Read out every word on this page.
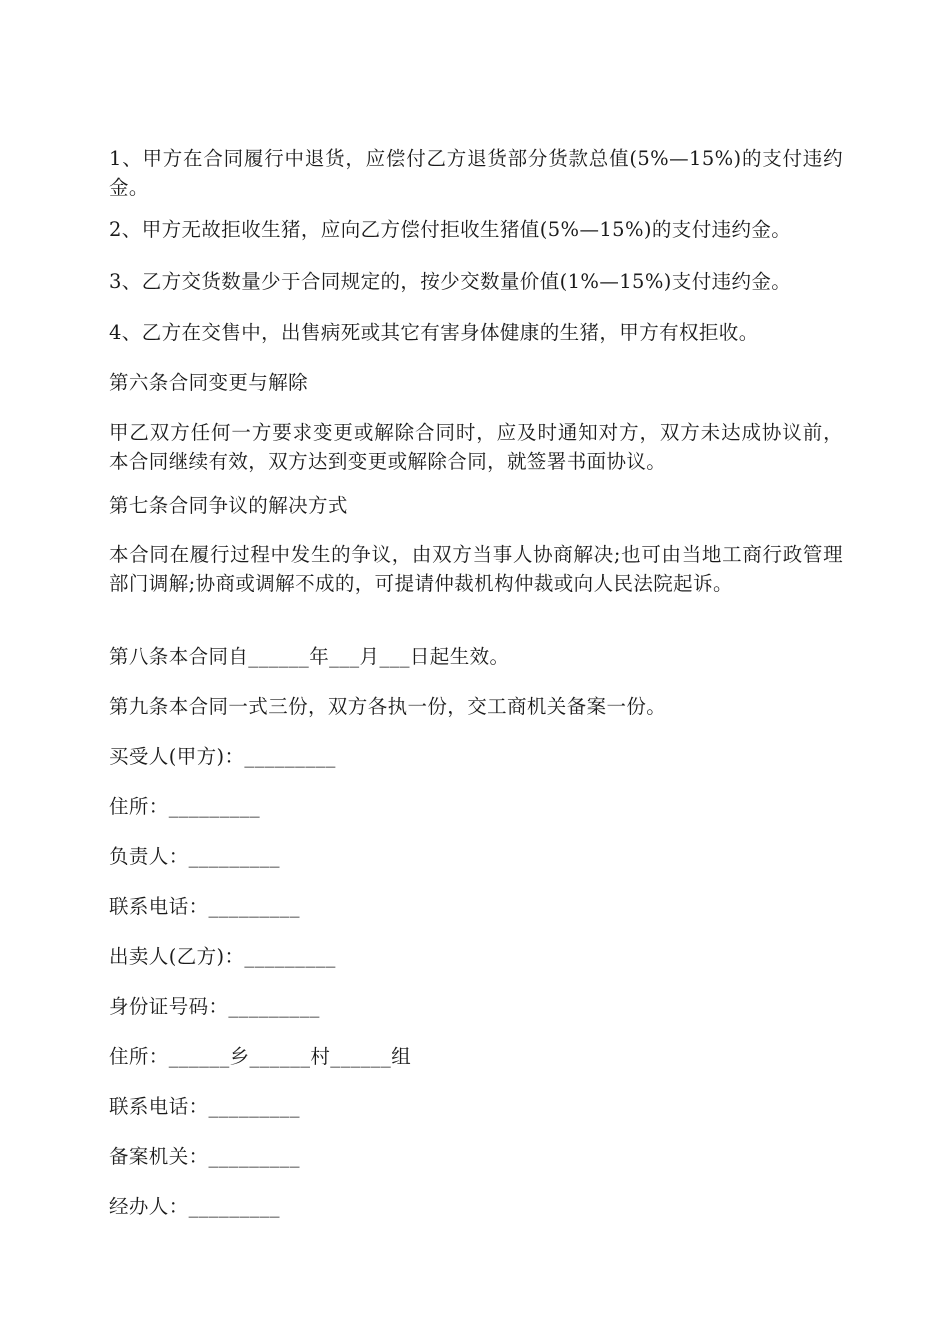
1、甲方在合同履行中退货，应偿付乙方退货部分货款总值(5%—15%)的支付违约金。

2、甲方无故拒收生猪，应向乙方偿付拒收生猪值(5%—15%)的支付违约金。

3、乙方交货数量少于合同规定的，按少交数量价值(1%—15%)支付违约金。

4、乙方在交售中，出售病死或其它有害身体健康的生猪，甲方有权拒收。

第六条合同变更与解除

甲乙双方任何一方要求变更或解除合同时，应及时通知对方，双方未达成协议前，本合同继续有效，双方达到变更或解除合同，就签署书面协议。

第七条合同争议的解决方式

本合同在履行过程中发生的争议，由双方当事人协商解决;也可由当地工商行政管理部门调解;协商或调解不成的，可提请仲裁机构仲裁或向人民法院起诉。

第八条本合同自______年___月___日起生效。

第九条本合同一式三份，双方各执一份，交工商机关备案一份。

买受人(甲方)：_________

住所：_________

负责人：_________

联系电话：_________

出卖人(乙方)：_________

身份证号码：_________

住所：______乡______村______组

联系电话：_________

备案机关：_________

经办人：_________
